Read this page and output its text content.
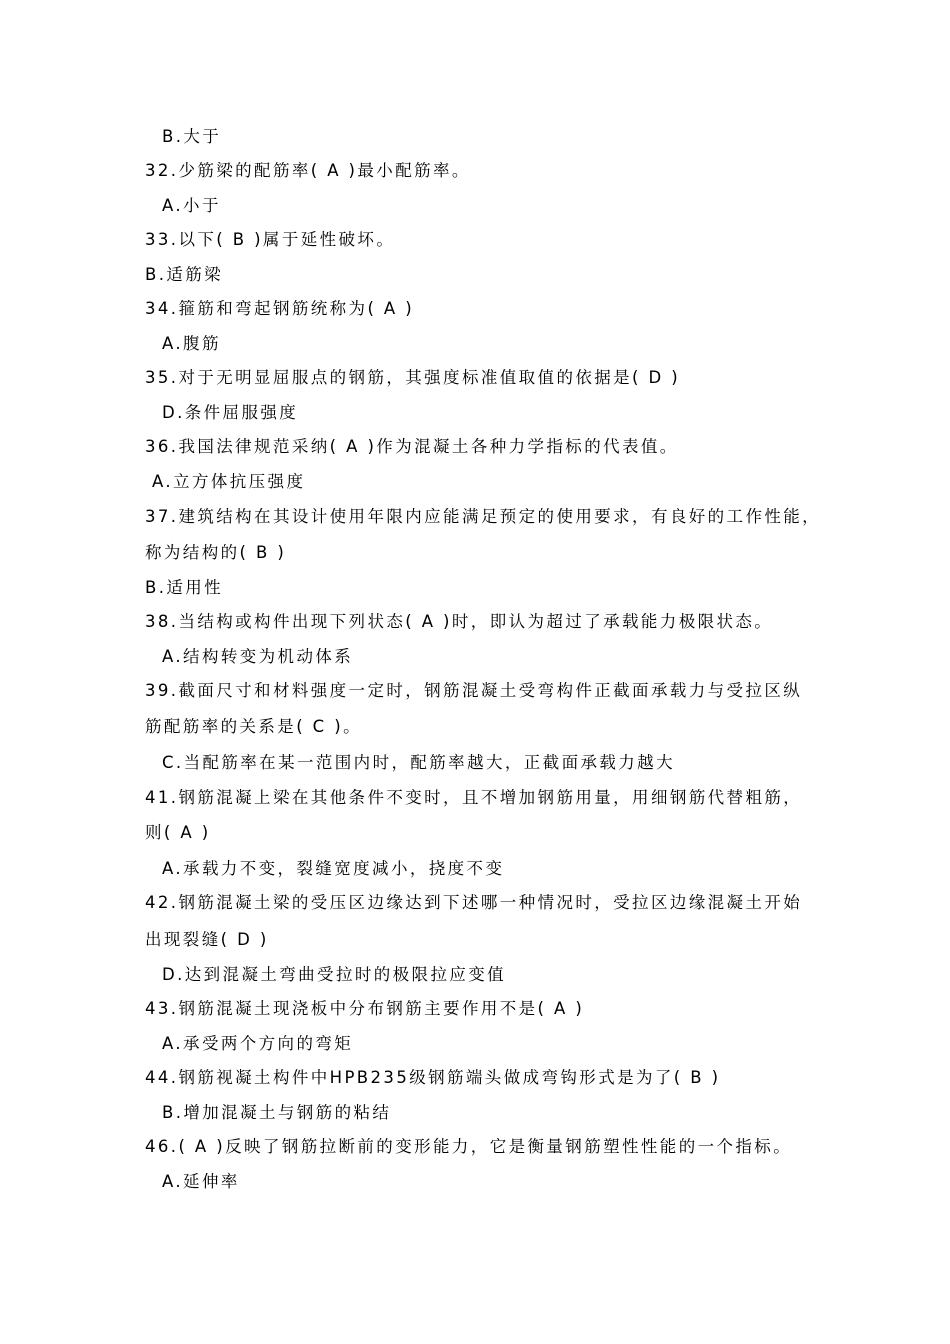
B.大于
32.少筋梁的配筋率( A )最小配筋率。
A.小于
33.以下( B )属于延性破坏。
B.适筋梁
34.箍筋和弯起钢筋统称为( A )
A.腹筋
35.对于无明显屈服点的钢筋，其强度标准值取值的依据是( D )
D.条件屈服强度
36.我国法律规范采纳( A )作为混凝土各种力学指标的代表值。
A.立方体抗压强度
37.建筑结构在其设计使用年限内应能满足预定的使用要求，有良好的工作性能，
称为结构的( B )
B.适用性
38.当结构或构件出现下列状态( A )时，即认为超过了承载能力极限状态。
A.结构转变为机动体系
39.截面尺寸和材料强度一定时，钢筋混凝土受弯构件正截面承载力与受拉区纵
筋配筋率的关系是( C )。
C.当配筋率在某一范围内时，配筋率越大，正截面承载力越大
41.钢筋混凝上梁在其他条件不变时，且不增加钢筋用量，用细钢筋代替粗筋，
则( A )
A.承载力不变，裂缝宽度减小，挠度不变
42.钢筋混凝土梁的受压区边缘达到下述哪一种情况时，受拉区边缘混凝土开始
出现裂缝( D )
D.达到混凝土弯曲受拉时的极限拉应变值
43.钢筋混凝土现浇板中分布钢筋主要作用不是( A )
A.承受两个方向的弯矩
44.钢筋视凝土构件中HPB235级钢筋端头做成弯钩形式是为了( B )
B.增加混凝土与钢筋的粘结
46.( A )反映了钢筋拉断前的变形能力，它是衡量钢筋塑性性能的一个指标。
A.延伸率
